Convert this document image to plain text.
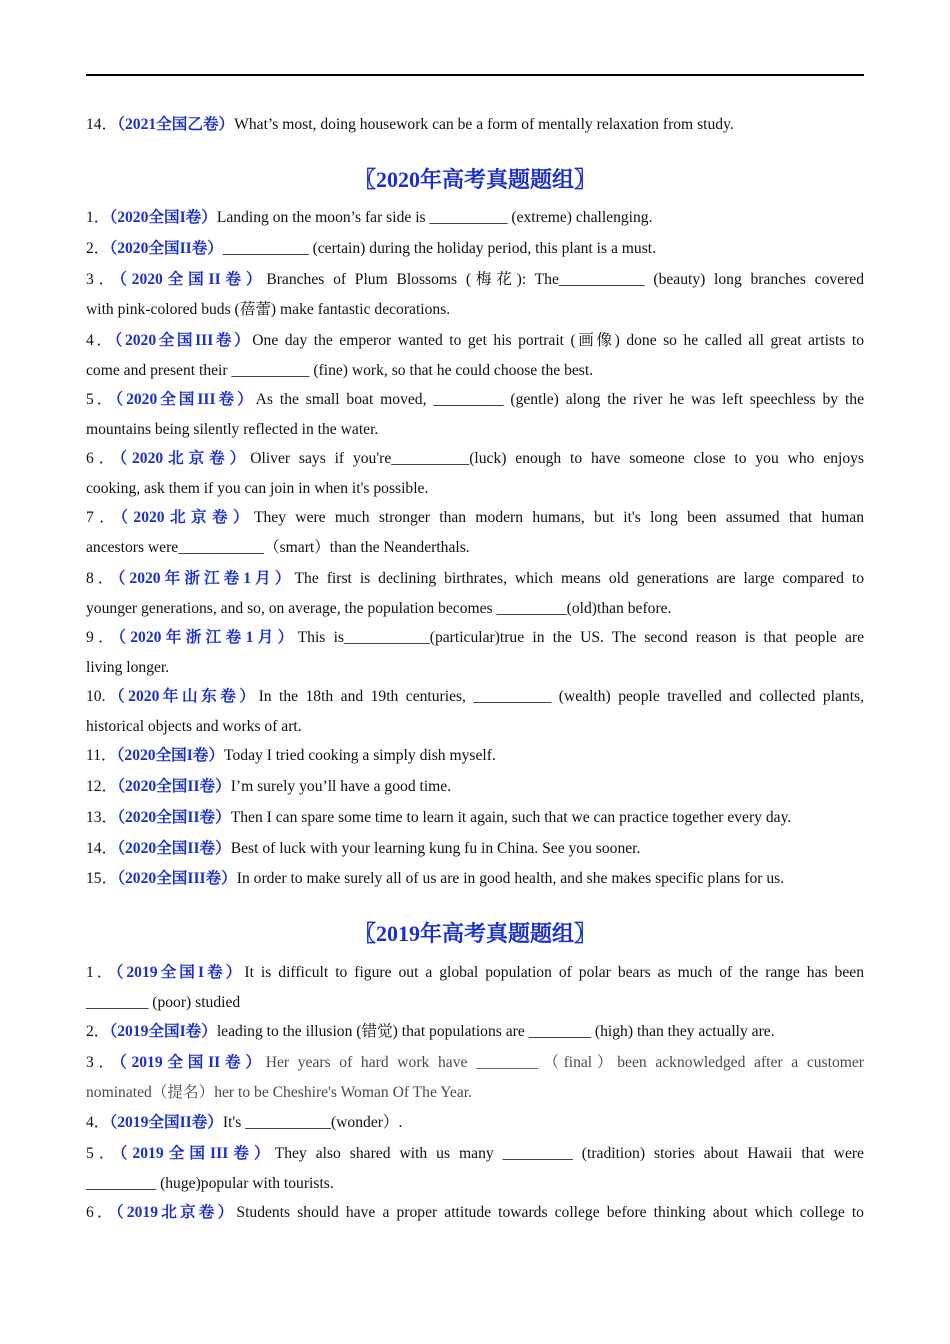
14．（2021全国乙卷）What’s most, doing housework can be a form of mentally relaxation from study.
〖2020年高考真题题组〗
1．（2020全国I卷）Landing on the moon’s far side is __________ (extreme) challenging.
2．（2020全国II卷）___________ (certain) during the holiday period, this plant is a must.
3．（2020全国II卷）Branches of Plum Blossoms (梅花): The___________ (beauty) long branches covered
with pink-colored buds (蓓蕾) make fantastic decorations.
4．（2020全国III卷）One day the emperor wanted to get his portrait (画像) done so he called all great artists to
come and present their __________ (fine) work, so that he could choose the best.
5．（2020全国III卷）As the small boat moved, _________ (gentle) along the river he was left speechless by the
mountains being silently reflected in the water.
6．（2020北京卷）Oliver says if you're__________(luck) enough to have someone close to you who enjoys
cooking, ask them if you can join in when it's possible.
7．（2020北京卷）They were much stronger than modern humans, but it's long been assumed that human
ancestors were___________（smart）than the Neanderthals.
8．（2020年浙江卷1月）The first is declining birthrates, which means old generations are large compared to
younger generations, and so, on average, the population becomes _________(old)than before.
9．（2020年浙江卷1月）This is___________(particular)true in the US. The second reason is that people are
living longer.
10.（2020年山东卷）In the 18th and 19th centuries, __________ (wealth) people travelled and collected plants,
historical objects and works of art.
11．（2020全国I卷）Today I tried cooking a simply dish myself.
12．（2020全国II卷）I’m surely you’ll have a good time.
13．（2020全国II卷）Then I can spare some time to learn it again, such that we can practice together every day.
14．（2020全国II卷）Best of luck with your learning kung fu in China. See you sooner.
15．（2020全国III卷）In order to make surely all of us are in good health, and she makes specific plans for us.
〖2019年高考真题题组〗
1．（2019全国I卷）It is difficult to figure out a global population of polar bears as much of the range has been
________ (poor) studied
2．（2019全国I卷）leading to the illusion (错觉) that populations are ________ (high) than they actually are.
3．（2019全国II卷）Her years of hard work have ________（final）been acknowledged after a customer
nominated（提名）her to be Cheshire's Woman Of The Year.
4．（2019全国II卷）It's ___________(wonder）.
5．（2019全国III卷）They also shared with us many _________ (tradition) stories about Hawaii that were
_________ (huge)popular with tourists.
6．（2019北京卷）Students should have a proper attitude towards college before thinking about which college to
